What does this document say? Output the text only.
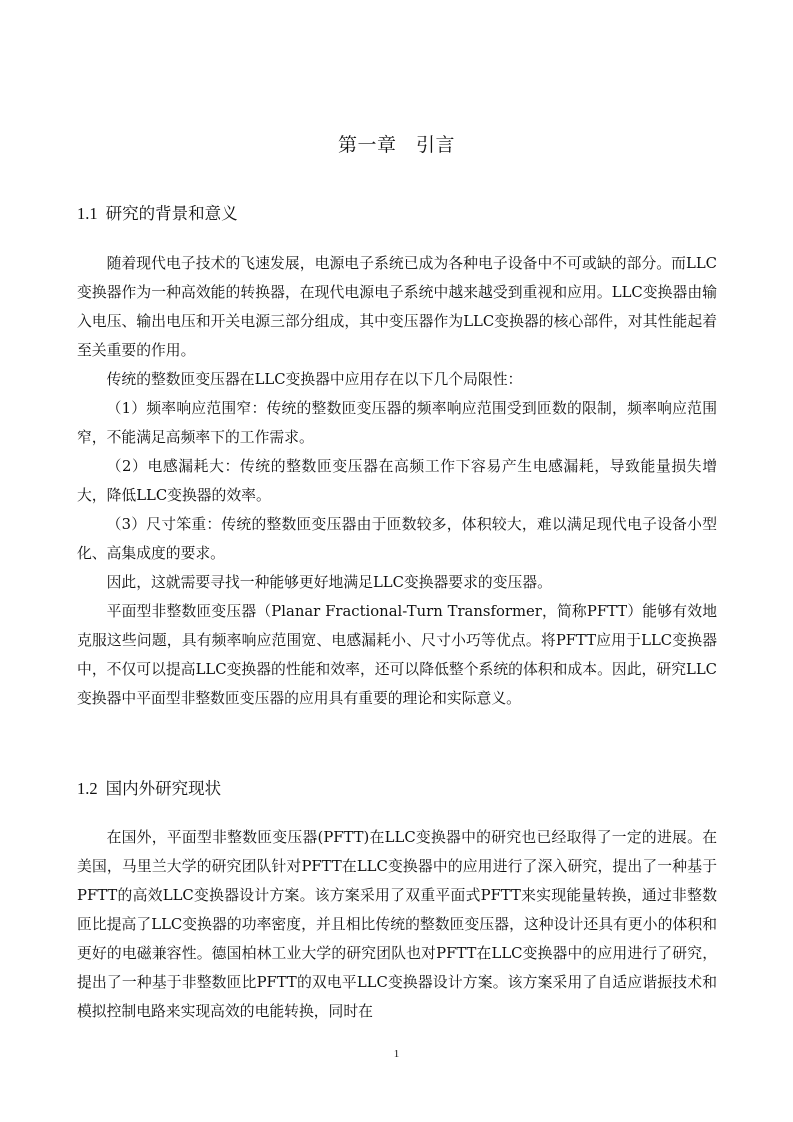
第一章　引言
1.1 研究的背景和意义

随着现代电子技术的飞速发展，电源电子系统已成为各种电子设备中不可或缺的部分。而LLC变换器作为一种高效能的转换器，在现代电源电子系统中越来越受到重视和应用。LLC变换器由输入电压、输出电压和开关电源三部分组成，其中变压器作为LLC变换器的核心部件，对其性能起着至关重要的作用。

传统的整数匝变压器在LLC变换器中应用存在以下几个局限性：

（1）频率响应范围窄：传统的整数匝变压器的频率响应范围受到匝数的限制，频率响应范围窄，不能满足高频率下的工作需求。

（2）电感漏耗大：传统的整数匝变压器在高频工作下容易产生电感漏耗，导致能量损失增大，降低LLC变换器的效率。

（3）尺寸笨重：传统的整数匝变压器由于匝数较多，体积较大，难以满足现代电子设备小型化、高集成度的要求。

因此，这就需要寻找一种能够更好地满足LLC变换器要求的变压器。

平面型非整数匝变压器（Planar Fractional-Turn Transformer，简称PFTT）能够有效地克服这些问题，具有频率响应范围宽、电感漏耗小、尺寸小巧等优点。将PFTT应用于LLC变换器中，不仅可以提高LLC变换器的性能和效率，还可以降低整个系统的体积和成本。因此，研究LLC变换器中平面型非整数匝变压器的应用具有重要的理论和实际意义。

1.2 国内外研究现状

在国外，平面型非整数匝变压器(PFTT)在LLC变换器中的研究也已经取得了一定的进展。在美国，马里兰大学的研究团队针对PFTT在LLC变换器中的应用进行了深入研究，提出了一种基于PFTT的高效LLC变换器设计方案。该方案采用了双重平面式PFTT来实现能量转换，通过非整数匝比提高了LLC变换器的功率密度，并且相比传统的整数匝变压器，这种设计还具有更小的体积和更好的电磁兼容性。德国柏林工业大学的研究团队也对PFTT在LLC变换器中的应用进行了研究，提出了一种基于非整数匝比PFTT的双电平LLC变换器设计方案。该方案采用了自适应谐振技术和模拟控制电路来实现高效的电能转换，同时在

1
